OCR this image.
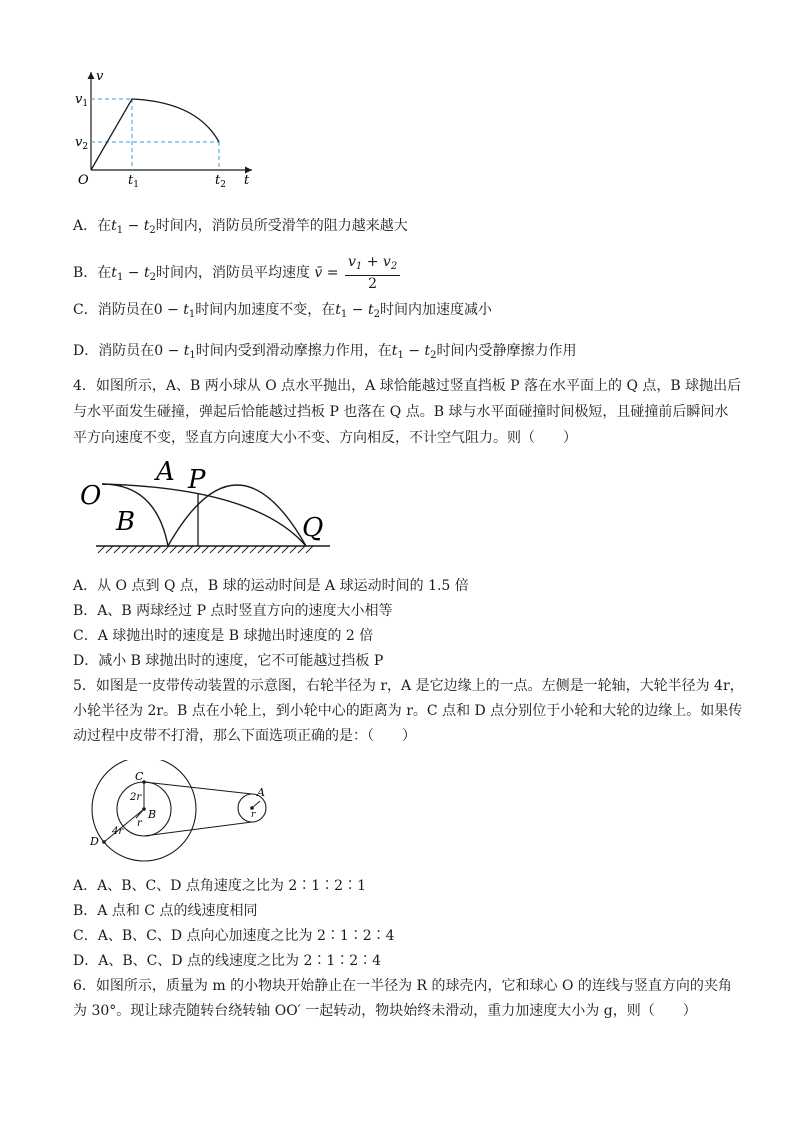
v
$v_1$
$v_2$
O	$t_1$	$t_2$ t
A．在$t_1 - t_2$时间内，消防员所受滑竿的阻力越来越大
B．在$t_1 - t_2$时间内，消防员平均速度 v̄ = $\frac{v_1 + v_2}{2}$
C．消防员在$0 - t_1$时间内加速度不变，在$t_1 - t_2$时间内加速度减小
D．消防员在$0 - t_1$时间内受到滑动摩擦力作用，在$t_1 - t_2$时间内受静摩擦力作用
4．如图所示，A、B 两小球从 O 点水平抛出，A 球恰能越过竖直挡板 P 落在水平面上的 Q 点，B 球抛出后
与水平面发生碰撞，弹起后恰能越过挡板 P 也落在 Q 点。B 球与水平面碰撞时间极短，且碰撞前后瞬间水
平方向速度不变，竖直方向速度大小不变、方向相反，不计空气阻力。则（　　）
O
A P
B	Q
A．从 O 点到 Q 点，B 球的运动时间是 A 球运动时间的 1.5 倍
B．A、B 两球经过 P 点时竖直方向的速度大小相等
C．A 球抛出时的速度是 B 球抛出时速度的 2 倍
D．减小 B 球抛出时的速度，它不可能越过挡板 P
5．如图是一皮带传动装置的示意图，右轮半径为 r，A 是它边缘上的一点。左侧是一轮轴，大轮半径为 4r，
小轮半径为 2r。B 点在小轮上，到小轮中心的距离为 r。C 点和 D 点分别位于小轮和大轮的边缘上。如果传
动过程中皮带不打滑，那么下面选项正确的是：（　　）
C
B
D
A
2r
r
4r
r
A．A、B、C、D 点角速度之比为 2∶1∶2∶1
B．A 点和 C 点的线速度相同
C．A、B、C、D 点向心加速度之比为 2∶1∶2∶4
D．A、B、C、D 点的线速度之比为 2∶1∶2∶4
6．如图所示，质量为 m 的小物块开始静止在一半径为 R 的球壳内，它和球心 O 的连线与竖直方向的夹角
为 30°。现让球壳随转台绕转轴 OO′ 一起转动，物块始终未滑动，重力加速度大小为 g，则（　　）
